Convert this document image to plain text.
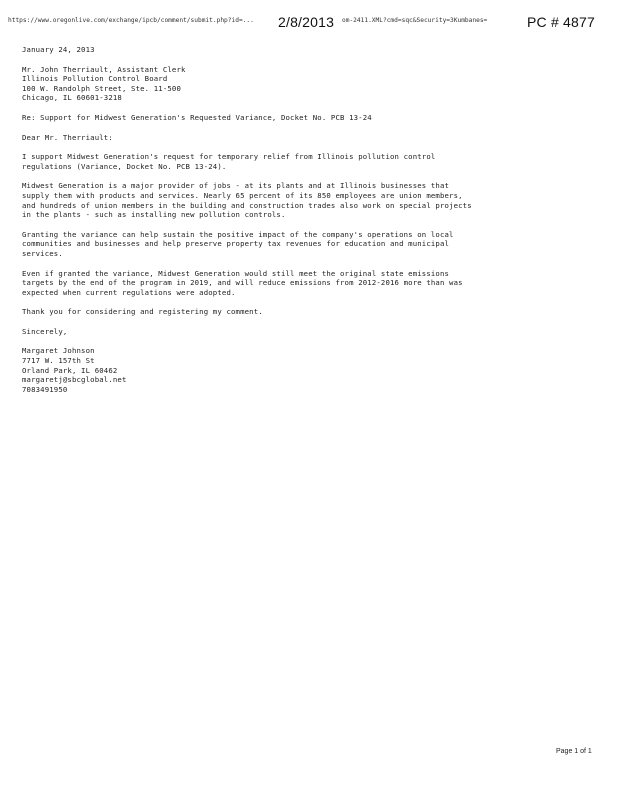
https://www.oregonlive.com/exchange/ipcb/comment/submit.php?id=...	2/8/2013 om-2411.XML?cmd=sqc&Security=3Kumbanes=	PC # 4877
January 24, 2013
Mr. John Therriault, Assistant Clerk
Illinois Pollution Control Board
100 W. Randolph Street, Ste. 11-500
Chicago, IL 60601-3218
Re: Support for Midwest Generation's Requested Variance, Docket No. PCB 13-24
Dear Mr. Therriault:
I support Midwest Generation's request for temporary relief from Illinois pollution control
regulations (Variance, Docket No. PCB 13-24).
Midwest Generation is a major provider of jobs - at its plants and at Illinois businesses that
supply them with products and services. Nearly 65 percent of its 850 employees are union members,
and hundreds of union members in the building and construction trades also work on special projects
in the plants - such as installing new pollution controls.
Granting the variance can help sustain the positive impact of the company's operations on local
communities and businesses and help preserve property tax revenues for education and municipal
services.
Even if granted the variance, Midwest Generation would still meet the original state emissions
targets by the end of the program in 2019, and will reduce emissions from 2012-2016 more than was
expected when current regulations were adopted.
Thank you for considering and registering my comment.
Sincerely,
Margaret Johnson
7717 W. 157th St
Orland Park, IL 60462
margaretj@sbcglobal.net
7083491950
Page 1 of 1
